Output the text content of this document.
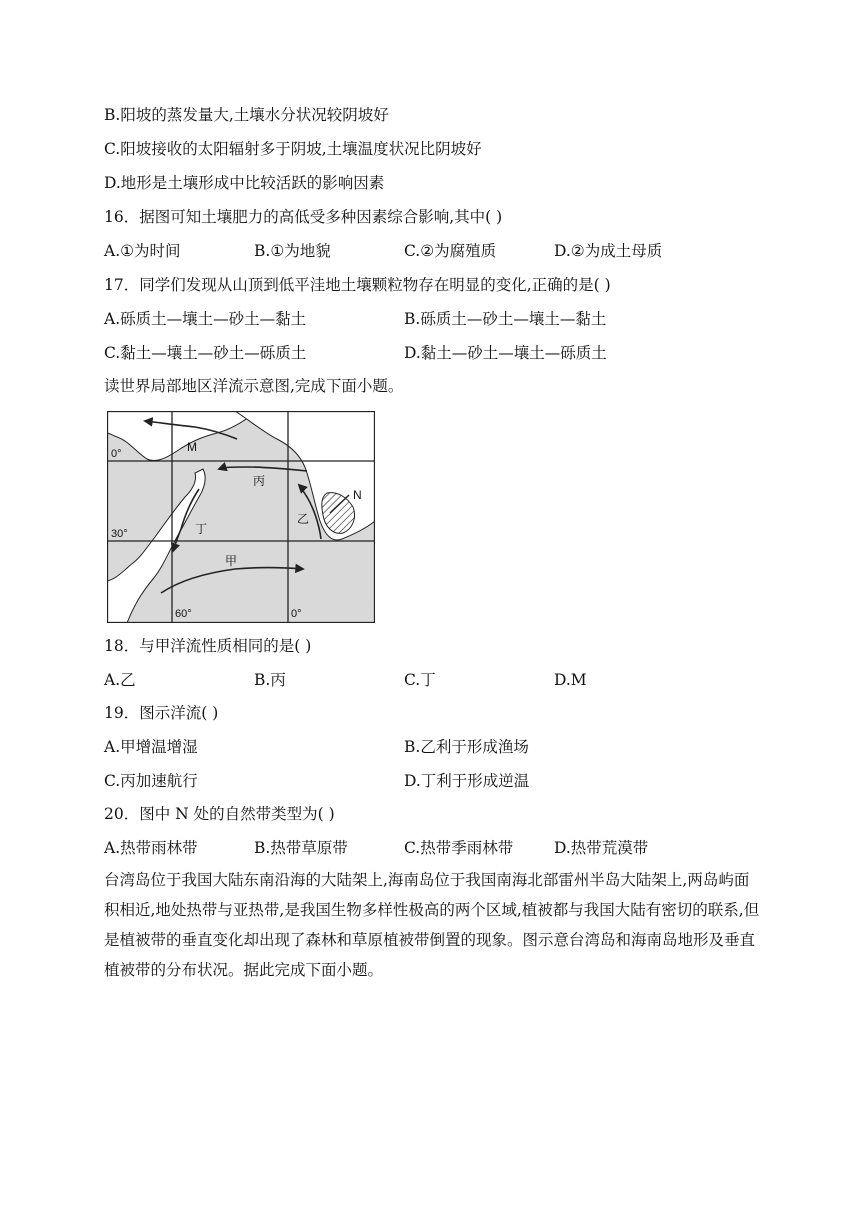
B.阳坡的蒸发量大,土壤水分状况较阴坡好
C.阳坡接收的太阳辐射多于阴坡,土壤温度状况比阴坡好
D.地形是土壤形成中比较活跃的影响因素
16．据图可知土壤肥力的高低受多种因素综合影响,其中( )
A.①为时间	B.①为地貌	C.②为腐殖质	D.②为成土母质
17．同学们发现从山顶到低平洼地土壤颗粒物存在明显的变化,正确的是( )
A.砾质土—壤土—砂土—黏土	B.砾质土—砂土—壤土—黏土
C.黏土—壤土—砂土—砾质土	D.黏土—砂土—壤土—砾质土
读世界局部地区洋流示意图,完成下面小题。
M
丙
乙
丁
甲
N
0°
30°
60°	0°
18．与甲洋流性质相同的是( )
A.乙	B.丙	C.丁	D.M
19．图示洋流( )
A.甲增温增湿	B.乙利于形成渔场
C.丙加速航行	D.丁利于形成逆温
20．图中 N 处的自然带类型为( )
A.热带雨林带	B.热带草原带	C.热带季雨林带	D.热带荒漠带

台湾岛位于我国大陆东南沿海的大陆架上,海南岛位于我国南海北部雷州半岛大陆架上,两岛屿面积相近,地处热带与亚热带,是我国生物多样性极高的两个区域,植被都与我国大陆有密切的联系,但是植被带的垂直变化却出现了森林和草原植被带倒置的现象。图示意台湾岛和海南岛地形及垂直植被带的分布状况。据此完成下面小题。
